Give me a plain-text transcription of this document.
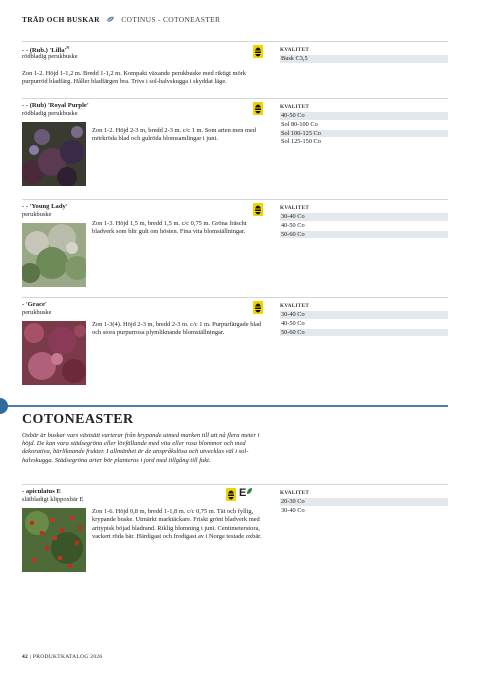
TRÄD OCH BUSKAR	COTINUS - COTONEASTER
- - (Rub.) '$Lilla'^N$
rödbladig perukbuske
Zon 1-2. Höjd 1-1,2 m. Bredd 1-1,2 m. Kompakt växande perukbuske med riktigt mörk purpurröd bladfärg. Håller bladfärgen bra. Trivs i sol-halvskugga i skyddat läge.
KVALITET
Busk C3,5
- - (Rub) 'Royal Purple'
rödbladig perukbuske
Zon 1-2. Höjd 2-3 m, bredd 2-3 m. c/c 1 m. Som arten men med mörkröda blad och gulröda blomsamlingar i juni.
KVALITET
40-50 Co
Sol 80-100 Co
Sol 100-125 Co
Sol 125-150 Co
- - 'Young Lady'
perukbuske
Zon 1-3. Höjd 1,5 m, bredd 1,5 m. c/c 0,75 m. Gröna fräscht bladverk som blir gult om hösten. Fina vita blomställningar.
KVALITET
30-40 Co
40-50 Co
50-60 Co
- 'Grace'
perukbuske
Zon 1-3(4). Höjd 2-3 m, bredd 2-3 m. c/c 1 m. Purpurfärgade blad och stora purpurrosa plymliknande blomställningar.
KVALITET
30-40 Co
40-50 Co
50-60 Co
COTONEASTER
Oxbär är buskar vars växtsätt varierar från krypande utmed marken till att nå flera meter i höjd. De kan vara städsegröna eller lövfällande med vita eller rosa blommor och med dekorativa, bärliknande frukter. I allmänhet är de anspråkslösa och utvecklas väl i sol-halvskugga. Städsegröna arter bör planteras i jord med tillgång till fukt.
- apiculatus E
slätbladigt klippoxbär E
Zon 1-6. Höjd 0,8 m, bredd 1-1,8 m. c/c 0,75 m. Tät och fyllig, krypande buske. Utmärkt marktäckare. Friskt grönt bladverk med arttypisk böjad bladrand. Riklig blomning i juni. Centimeterstora, vackert röda bär. Härdigast och frodigast av i Norge testade oxbär.
E	KVALITET
20-30 Co
30-40 Co
42 | PRODUKTKATALOG 2026
